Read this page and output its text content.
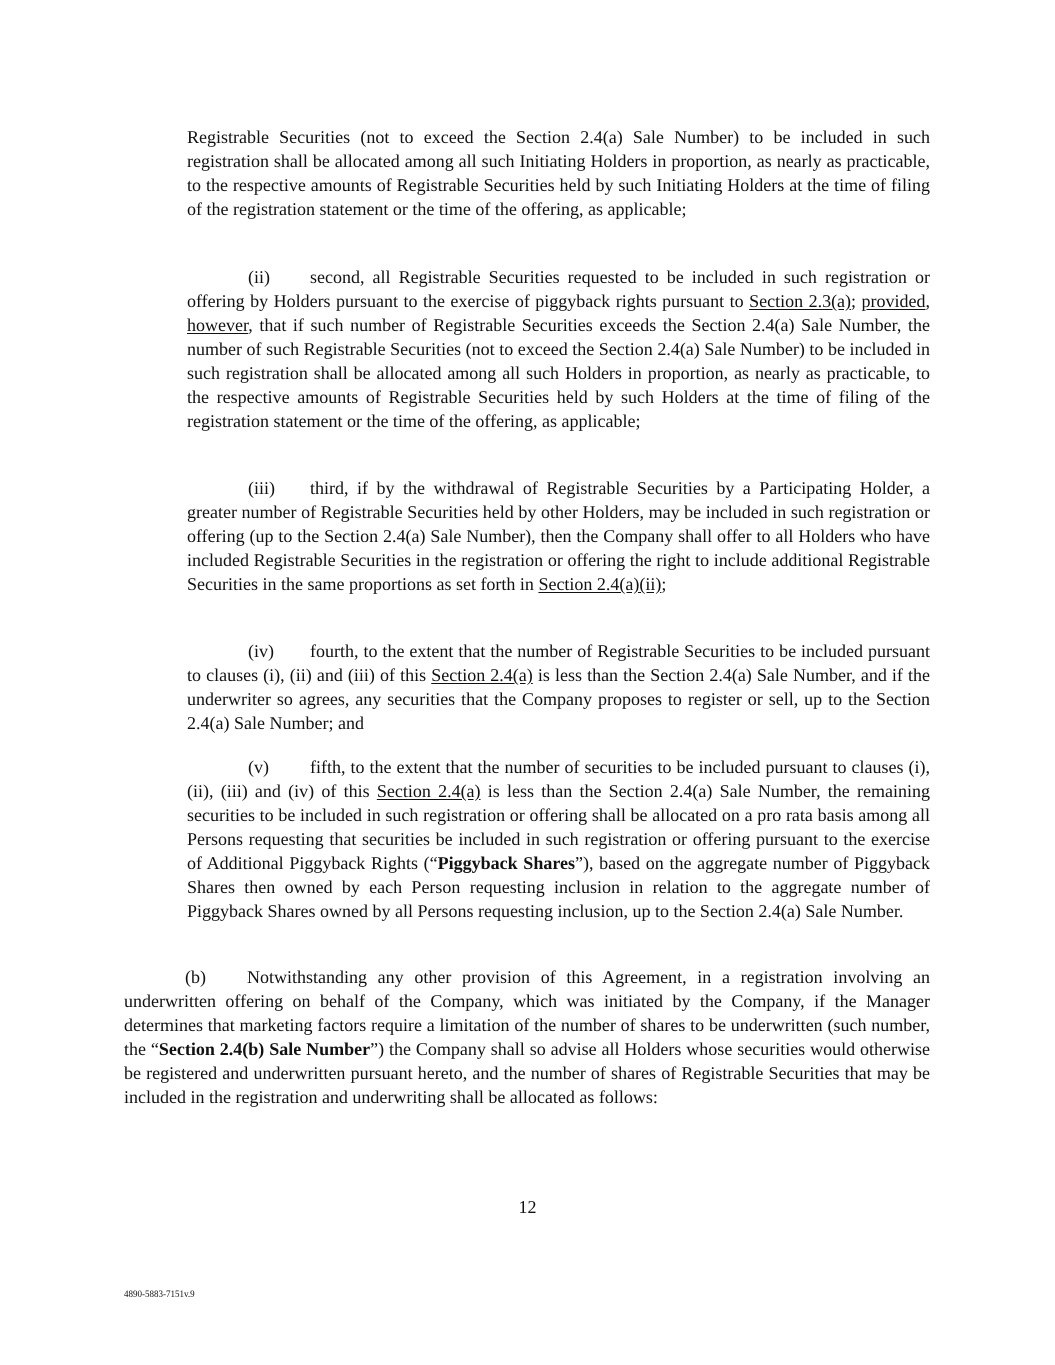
Registrable Securities (not to exceed the Section 2.4(a) Sale Number) to be included in such registration shall be allocated among all such Initiating Holders in proportion, as nearly as practicable, to the respective amounts of Registrable Securities held by such Initiating Holders at the time of filing of the registration statement or the time of the offering, as applicable;

(ii) second, all Registrable Securities requested to be included in such registration or offering by Holders pursuant to the exercise of piggyback rights pursuant to Section 2.3(a); provided, however, that if such number of Registrable Securities exceeds the Section 2.4(a) Sale Number, the number of such Registrable Securities (not to exceed the Section 2.4(a) Sale Number) to be included in such registration shall be allocated among all such Holders in proportion, as nearly as practicable, to the respective amounts of Registrable Securities held by such Holders at the time of filing of the registration statement or the time of the offering, as applicable;

(iii) third, if by the withdrawal of Registrable Securities by a Participating Holder, a greater number of Registrable Securities held by other Holders, may be included in such registration or offering (up to the Section 2.4(a) Sale Number), then the Company shall offer to all Holders who have included Registrable Securities in the registration or offering the right to include additional Registrable Securities in the same proportions as set forth in Section 2.4(a)(ii);

(iv) fourth, to the extent that the number of Registrable Securities to be included pursuant to clauses (i), (ii) and (iii) of this Section 2.4(a) is less than the Section 2.4(a) Sale Number, and if the underwriter so agrees, any securities that the Company proposes to register or sell, up to the Section 2.4(a) Sale Number; and

(v) fifth, to the extent that the number of securities to be included pursuant to clauses (i), (ii), (iii) and (iv) of this Section 2.4(a) is less than the Section 2.4(a) Sale Number, the remaining securities to be included in such registration or offering shall be allocated on a pro rata basis among all Persons requesting that securities be included in such registration or offering pursuant to the exercise of Additional Piggyback Rights (“Piggyback Shares”), based on the aggregate number of Piggyback Shares then owned by each Person requesting inclusion in relation to the aggregate number of Piggyback Shares owned by all Persons requesting inclusion, up to the Section 2.4(a) Sale Number.

(b) Notwithstanding any other provision of this Agreement, in a registration involving an underwritten offering on behalf of the Company, which was initiated by the Company, if the Manager determines that marketing factors require a limitation of the number of shares to be underwritten (such number, the “Section 2.4(b) Sale Number”) the Company shall so advise all Holders whose securities would otherwise be registered and underwritten pursuant hereto, and the number of shares of Registrable Securities that may be included in the registration and underwriting shall be allocated as follows:

12
4890-5883-7151v.9
